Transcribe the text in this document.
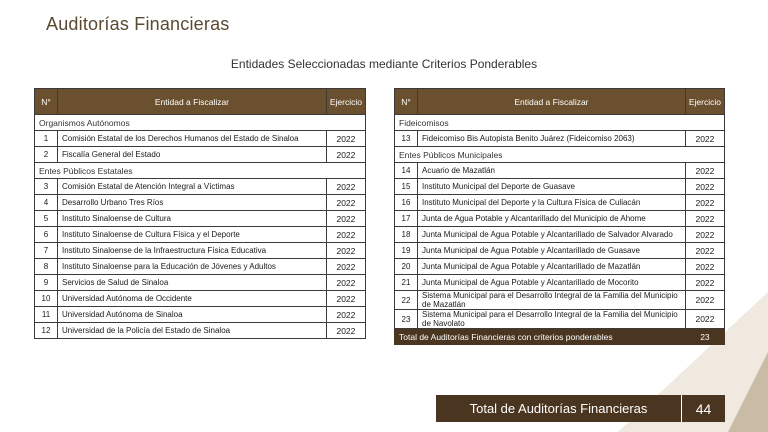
Auditorías Financieras
Entidades Seleccionadas mediante Criterios Ponderables
N°	Entidad a Fiscalizar	Ejercicio
Organismos Autónomos		
1	Comisión Estatal de los Derechos Humanos del Estado de Sinaloa	2022
2	Fiscalía General del Estado	2022
Entes Públicos Estatales		
3	Comisión Estatal de Atención Integral a Víctimas	2022
4	Desarrollo Urbano Tres Ríos	2022
5	Instituto Sinaloense de Cultura	2022
6	Instituto Sinaloense de Cultura Física y el Deporte	2022
7	Instituto Sinaloense de la Infraestructura Física Educativa	2022
8	Instituto Sinaloense para la Educación de Jóvenes y Adultos	2022
9	Servicios de Salud de Sinaloa	2022
10	Universidad Autónoma de Occidente	2022
11	Universidad Autónoma de Sinaloa	2022
12	Universidad de la Policía del Estado de Sinaloa	2022
N°	Entidad a Fiscalizar	Ejercicio
Fideicomisos		
13	Fideicomiso Bis Autopista Benito Juárez (Fideicomiso 2063)	2022
Entes Públicos Municipales		
14	Acuario de Mazatlán	2022
15	Instituto Municipal del Deporte de Guasave	2022
16	Instituto Municipal del Deporte y la Cultura Física de Culiacán	2022
17	Junta de Agua Potable y Alcantarillado del Municipio de Ahome	2022
18	Junta Municipal de Agua Potable y Alcantarillado de Salvador Alvarado	2022
19	Junta Municipal de Agua Potable y Alcantarillado de Guasave	2022
20	Junta Municipal de Agua Potable y Alcantarillado de Mazatlán	2022
21	Junta Municipal de Agua Potable y Alcantarillado de Mocorito	2022
22	Sistema Municipal para el Desarrollo Integral de la Familia del Municipio de Mazatlán	2022
23	Sistema Municipal para el Desarrollo Integral de la Familia del Municipio de Navolato	2022
Total de Auditorías Financieras con criterios ponderables		23
Total de Auditorías Financieras	44
